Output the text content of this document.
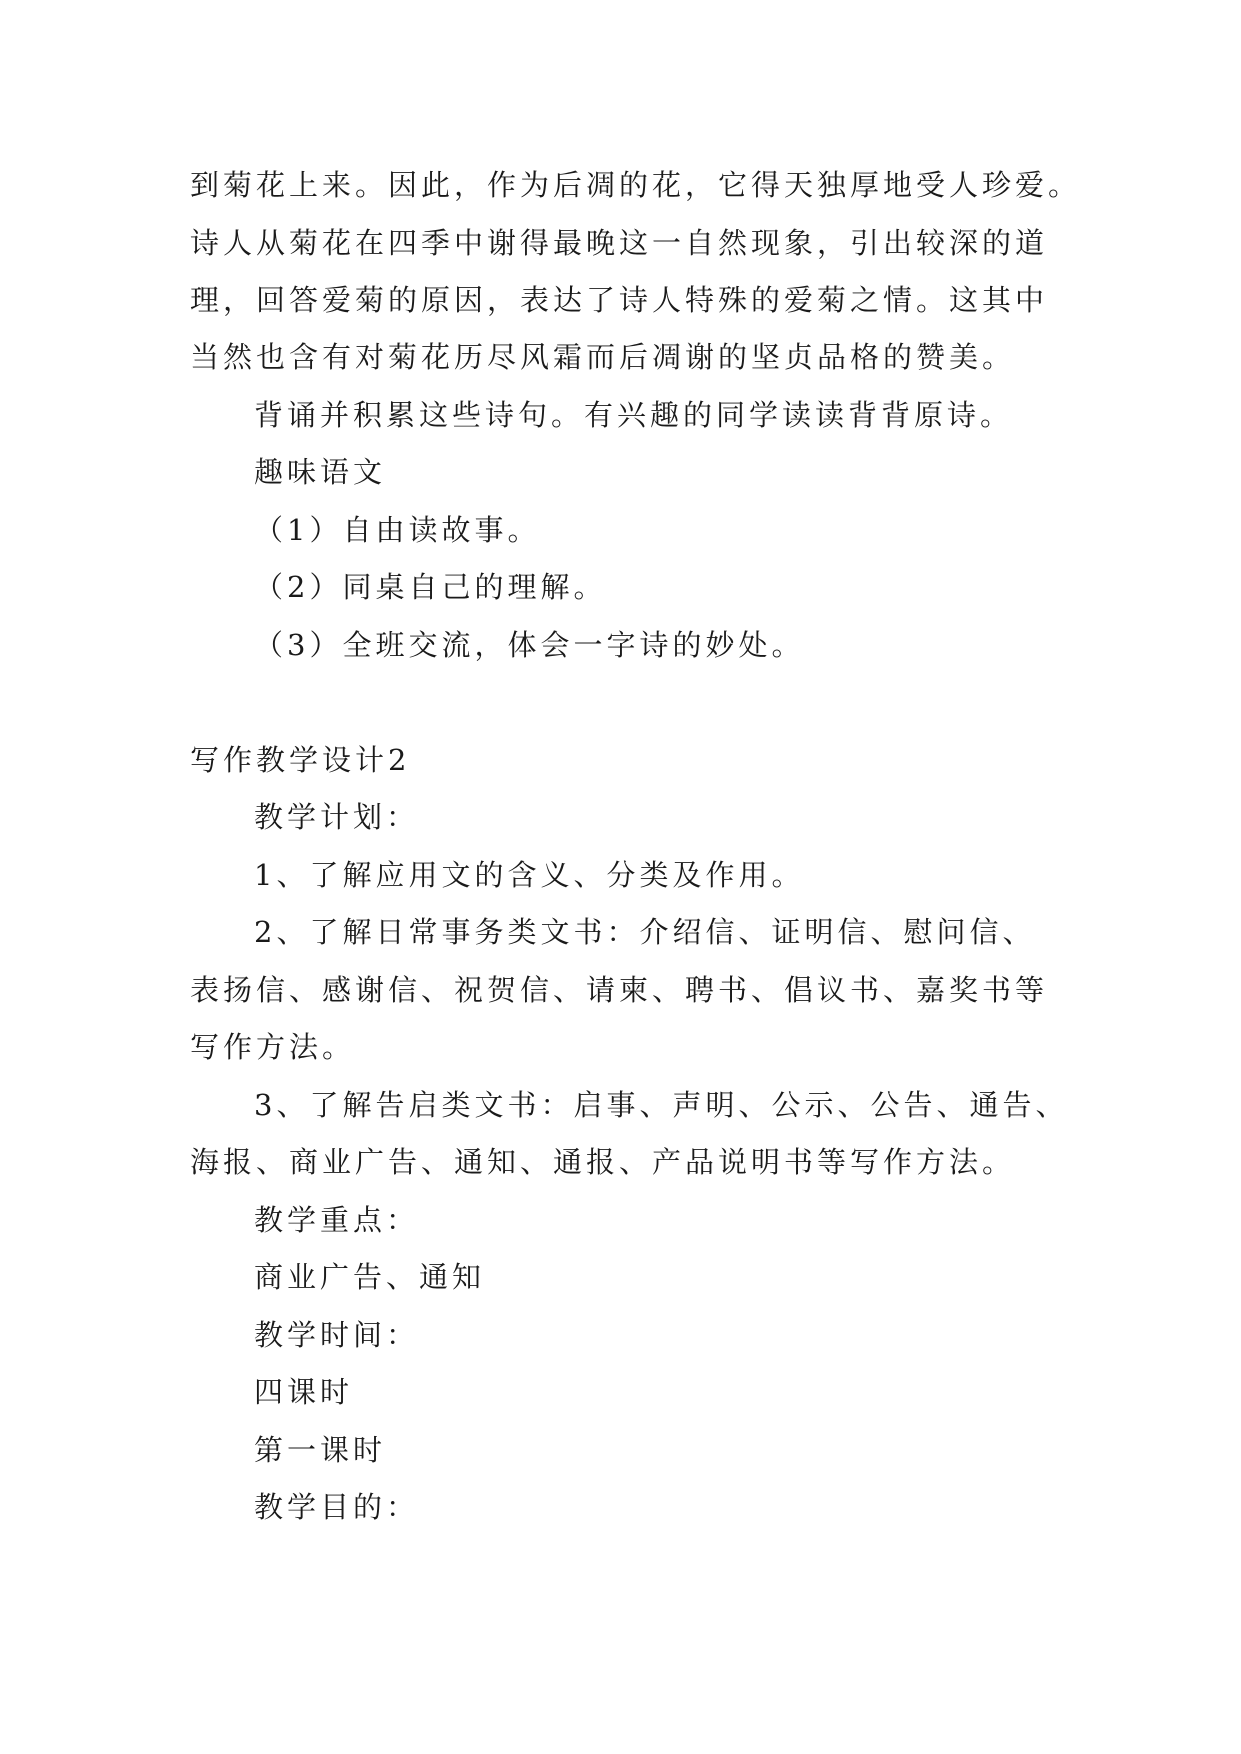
到菊花上来。因此，作为后凋的花，它得天独厚地受人珍爱。

诗人从菊花在四季中谢得最晚这一自然现象，引出较深的道

理，回答爱菊的原因，表达了诗人特殊的爱菊之情。这其中

当然也含有对菊花历尽风霜而后凋谢的坚贞品格的赞美。

背诵并积累这些诗句。有兴趣的同学读读背背原诗。

趣味语文

（1）自由读故事。

（2）同桌自己的理解。

（3）全班交流，体会一字诗的妙处。

写作教学设计2

教学计划：

1、了解应用文的含义、分类及作用。

2、了解日常事务类文书：介绍信、证明信、慰问信、

表扬信、感谢信、祝贺信、请柬、聘书、倡议书、嘉奖书等

写作方法。

3、了解告启类文书：启事、声明、公示、公告、通告、

海报、商业广告、通知、通报、产品说明书等写作方法。

教学重点：

商业广告、通知

教学时间：

四课时

第一课时

教学目的：
